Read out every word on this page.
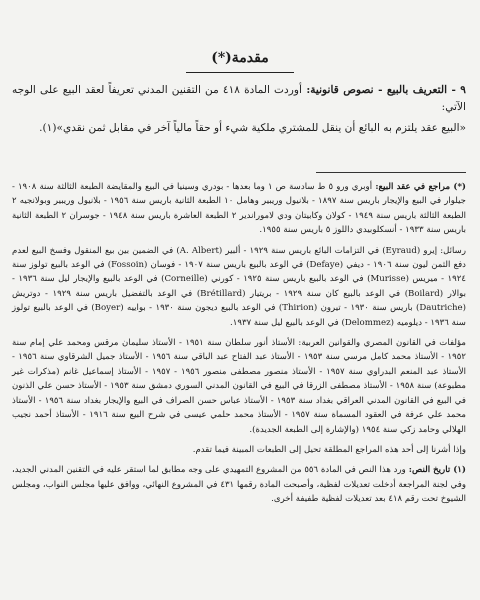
مقدمة(*)

٩ - التعريف بالبيع - نصوص قانونية: أوردت المادة ٤١٨ من التقنين المدني تعريفاً لعقد البيع على الوجه الآتي:

«البيع عقد يلتزم به البائع أن ينقل للمشتري ملكية شيء أو حقاً مالياً آخر في مقابل ثمن نقدي»(١).

(*) مراجع في عقد البيع: أوبري ورو ٥ ط سادسة ص ١ وما بعدها - بودري وسينيا في البيع والمقايضة الطبعة الثالثة سنة ١٩٠٨ - جيلوار في البيع والإيجار باريس سنة ١٨٩٧ - بلانيول وريبير وهامل ١٠ الطبعة الثانية باريس سنة ١٩٥٦ - بلانيول وريبير وبولانجيه ٢ الطبعة الثالثة باريس سنة ١٩٤٩ - كولان وكابيتان ودي لاموراندير ٢ الطبعة العاشرة باريس سنة ١٩٤٨ - جوسران ٢ الطبعة الثانية باريس سنة ١٩٣٣ - أنسكلوبيدي داللوز ٥ باريس سنة ١٩٥٥.

رسائل: إيرو (Eyraud) في التزامات البائع باريس سنة ١٩٢٩ - ألبير (A. Albert) في الضمين بين بيع المنقول وفسخ البيع لعدم دفع الثمن ليون سنة ١٩٠٦ - ديفي (Defaye) في الوعد بالبيع باريس سنة ١٩٠٧ - فوسان (Fossoin) في الوعد بالبيع تولوز سنة ١٩٢٤ - ميريس (Murisse) في الوعد بالبيع باريس سنة ١٩٢٥ - كورني (Corneille) في الوعد بالبيع والإيجار ليل سنة ١٩٣٦ - بوالار (Boilard) في الوعد بالبيع كان سنة ١٩٢٩ - بريتيار (Brétillard) في الوعد بالتفضيل باريس سنة ١٩٢٩ - دوتريش (Dautriche) باريس سنة ١٩٣٠ - تيرون (Thirion) في الوعد بالبيع ديجون سنة ١٩٣٠ - بواييه (Boyer) في الوعد بالبيع تولوز سنة ١٩٣٦ - ديلوميه (Delommez) في الوعد بالبيع ليل سنة ١٩٣٧.

مؤلفات في القانون المصري والقوانين العربية: الأستاذ أنور سلطان سنة ١٩٥١ - الأستاذ سليمان مرقس ومحمد علي إمام سنة ١٩٥٢ - الأستاذ محمد كامل مرسي سنة ١٩٥٣ - الأستاذ عبد الفتاح عبد الباقي سنة ١٩٥٦ - الأستاذ جميل الشرقاوي سنة ١٩٥٦ - الأستاذ عبد المنعم البدراوي سنة ١٩٥٧ - الأستاذ منصور مصطفى منصور ١٩٥٦ - ١٩٥٧ - الأستاذ إسماعيل غانم (مذكرات غير مطبوعة) سنة ١٩٥٨ - الأستاذ مصطفى الزرقا في البيع في القانون المدني السوري دمشق سنة ١٩٥٣ - الأستاذ حسن علي الذنون في البيع في القانون المدني العراقي بغداد سنة ١٩٥٣ - الأستاذ عباس حسن الصراف في البيع والإيجار بغداد سنة ١٩٥٦ - الأستاذ محمد علي عرفة في العقود المسماة سنة ١٩٥٧ - الأستاذ محمد حلمي عيسى في شرح البيع سنة ١٩١٦ - الأستاذ أحمد نجيب الهلالي وحامد زكي سنة ١٩٥٤ (والإشارة إلى الطبعة الجديدة).

وإذا أشرنا إلى أحد هذه المراجع المطلقة تحيل إلى الطبعات المبينة فيما تقدم.

(١) تاريخ النص: ورد هذا النص في المادة ٥٥٦ من المشروع التمهيدي على وجه مطابق لما استقر عليه في التقنين المدني الجديد، وفي لجنة المراجعة أدخلت تعديلات لفظية، وأصبحت المادة رقمها ٤٣١ في المشروع النهائي، ووافق عليها مجلس النواب، ومجلس الشيوخ تحت رقم ٤١٨ بعد تعديلات لفظية طفيفة أخرى.
